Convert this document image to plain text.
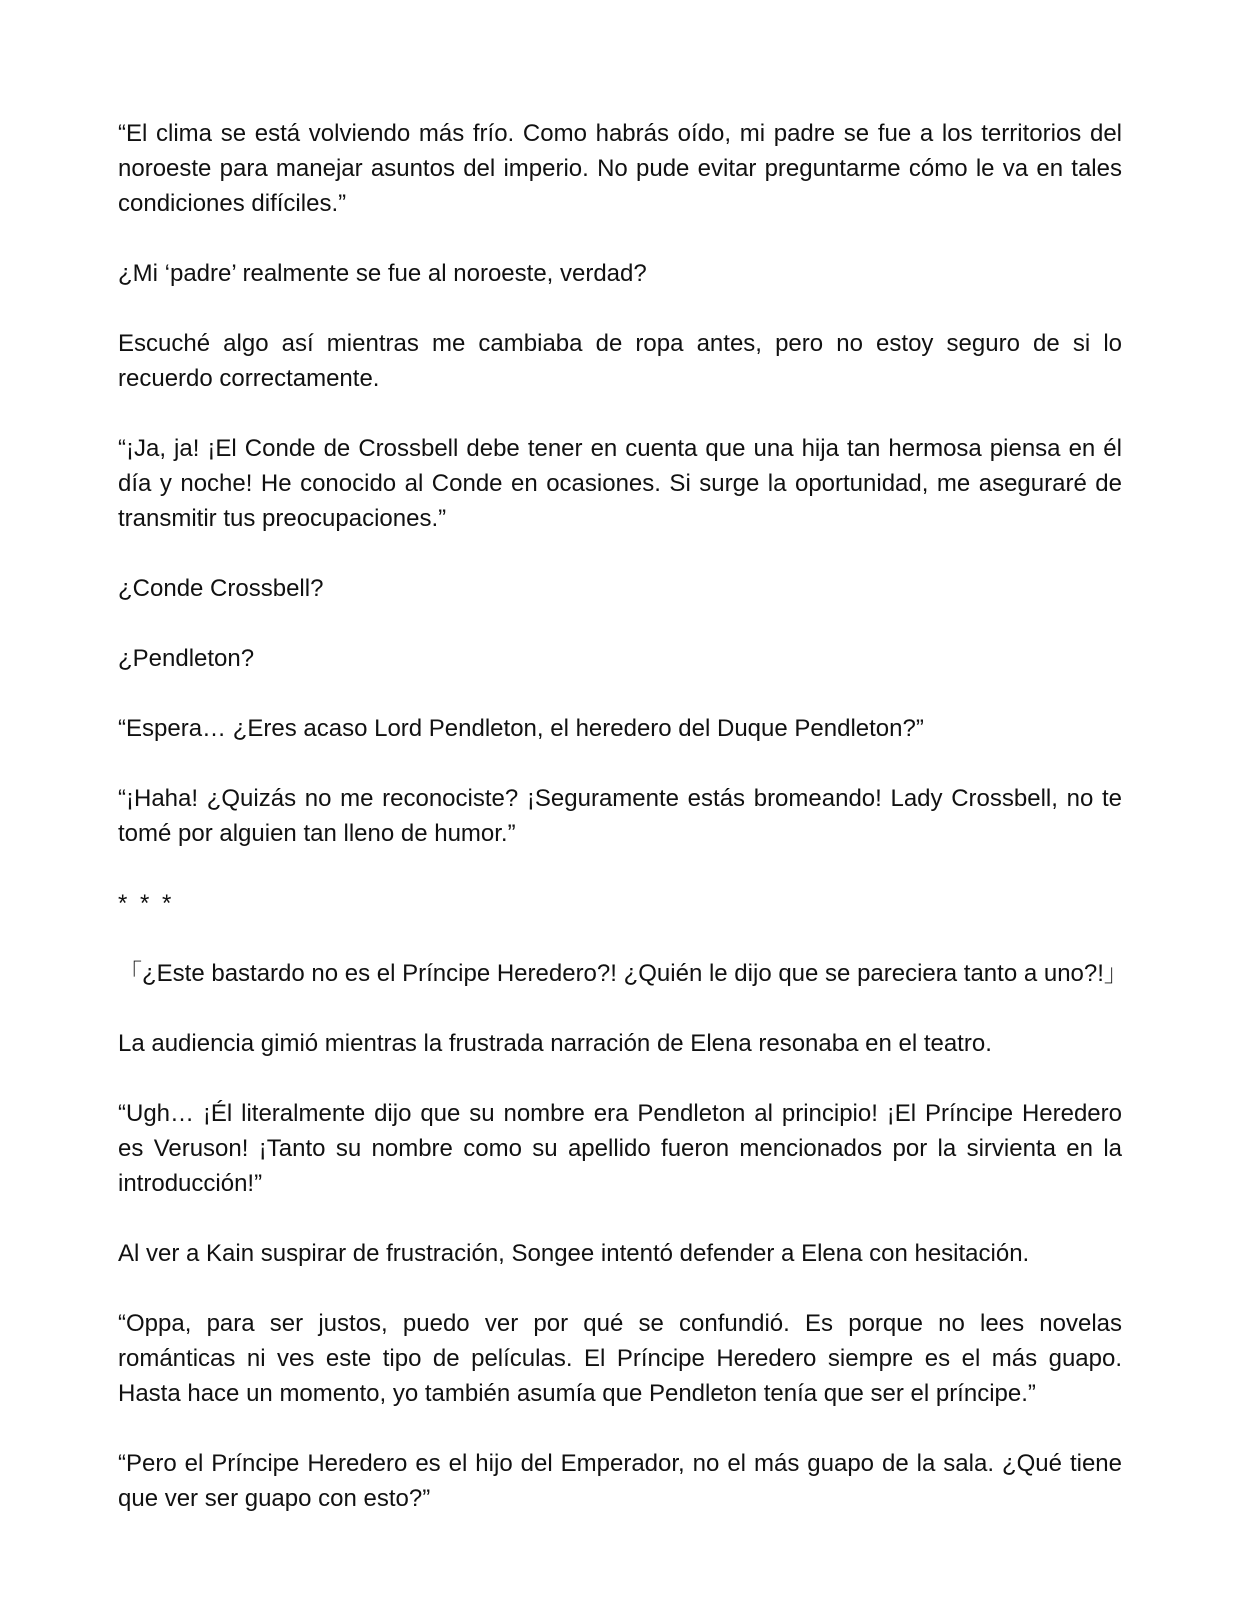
“El clima se está volviendo más frío. Como habrás oído, mi padre se fue a los territorios del noroeste para manejar asuntos del imperio. No pude evitar preguntarme cómo le va en tales condiciones difíciles.”

¿Mi ‘padre’ realmente se fue al noroeste, verdad?

Escuché algo así mientras me cambiaba de ropa antes, pero no estoy seguro de si lo recuerdo correctamente.

“¡Ja, ja! ¡El Conde de Crossbell debe tener en cuenta que una hija tan hermosa piensa en él día y noche! He conocido al Conde en ocasiones. Si surge la oportunidad, me aseguraré de transmitir tus preocupaciones.”

¿Conde Crossbell?

¿Pendleton?

“Espera… ¿Eres acaso Lord Pendleton, el heredero del Duque Pendleton?”

“¡Haha! ¿Quizás no me reconociste? ¡Seguramente estás bromeando! Lady Crossbell, no te tomé por alguien tan lleno de humor.”

* * *

「¿Este bastardo no es el Príncipe Heredero?! ¿Quién le dijo que se pareciera tanto a uno?!」

La audiencia gimió mientras la frustrada narración de Elena resonaba en el teatro.

“Ugh… ¡Él literalmente dijo que su nombre era Pendleton al principio! ¡El Príncipe Heredero es Veruson! ¡Tanto su nombre como su apellido fueron mencionados por la sirvienta en la introducción!”

Al ver a Kain suspirar de frustración, Songee intentó defender a Elena con hesitación.

“Oppa, para ser justos, puedo ver por qué se confundió. Es porque no lees novelas románticas ni ves este tipo de películas. El Príncipe Heredero siempre es el más guapo. Hasta hace un momento, yo también asumía que Pendleton tenía que ser el príncipe.”

“Pero el Príncipe Heredero es el hijo del Emperador, no el más guapo de la sala. ¿Qué tiene que ver ser guapo con esto?”
